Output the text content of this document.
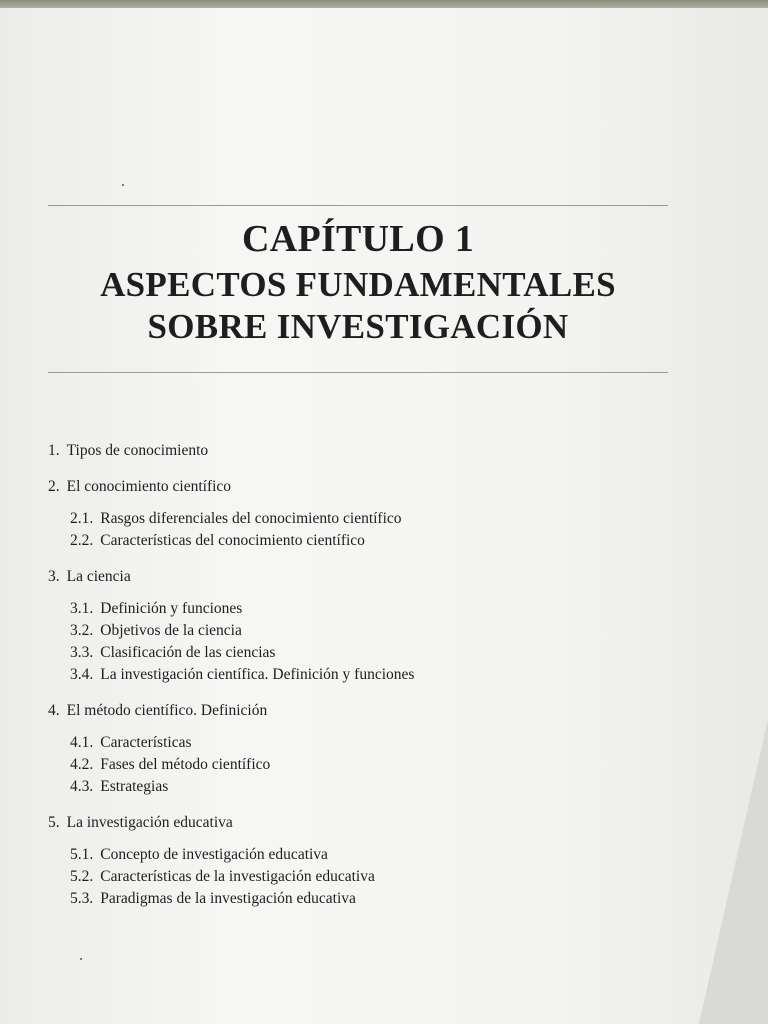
CAPÍTULO 1
ASPECTOS FUNDAMENTALES
SOBRE INVESTIGACIÓN
1. Tipos de conocimiento
2. El conocimiento científico
2.1. Rasgos diferenciales del conocimiento científico
2.2. Características del conocimiento científico
3. La ciencia
3.1. Definición y funciones
3.2. Objetivos de la ciencia
3.3. Clasificación de las ciencias
3.4. La investigación científica. Definición y funciones
4. El método científico. Definición
4.1. Características
4.2. Fases del método científico
4.3. Estrategias
5. La investigación educativa
5.1. Concepto de investigación educativa
5.2. Características de la investigación educativa
5.3. Paradigmas de la investigación educativa
